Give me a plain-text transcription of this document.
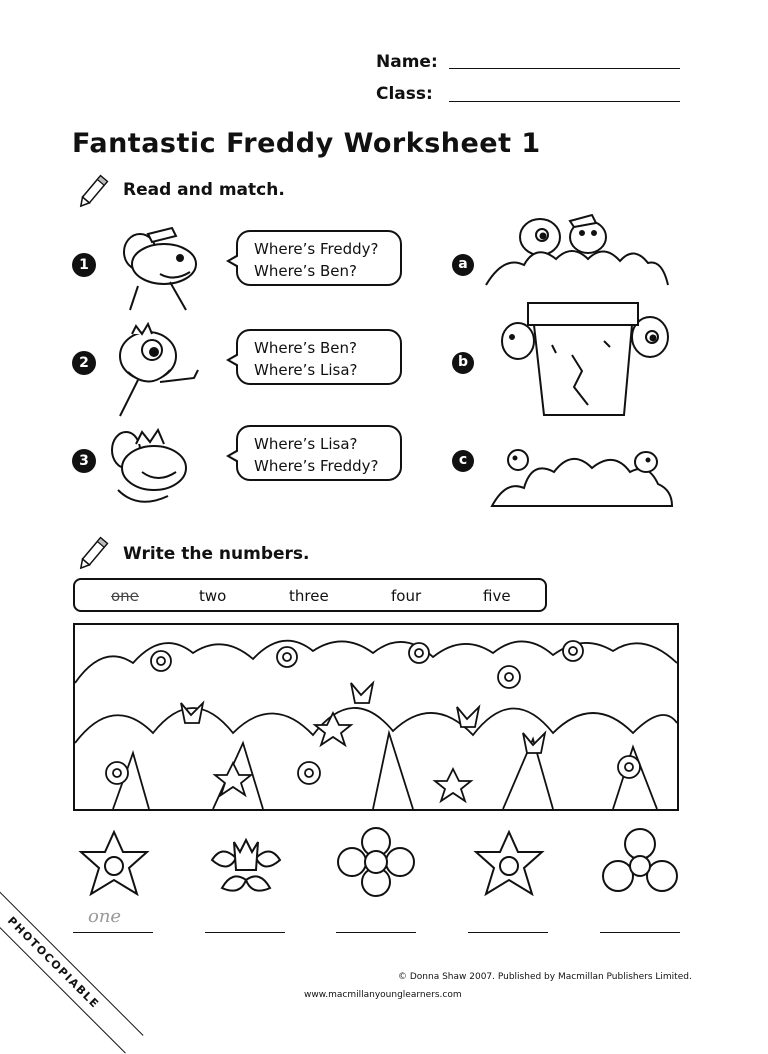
Name:
Class:
Fantastic Freddy Worksheet 1
Read and match.
1
2
3
Where’s Freddy?
Where’s Ben?
Where’s Ben?
Where’s Lisa?
Where’s Lisa?
Where’s Freddy?
a
b
c
Write the numbers.
one	two	three	four	five
one
© Donna Shaw 2007. Published by Macmillan Publishers Limited.
www.macmillanyounglearners.com
PHOTOCOPIABLE
